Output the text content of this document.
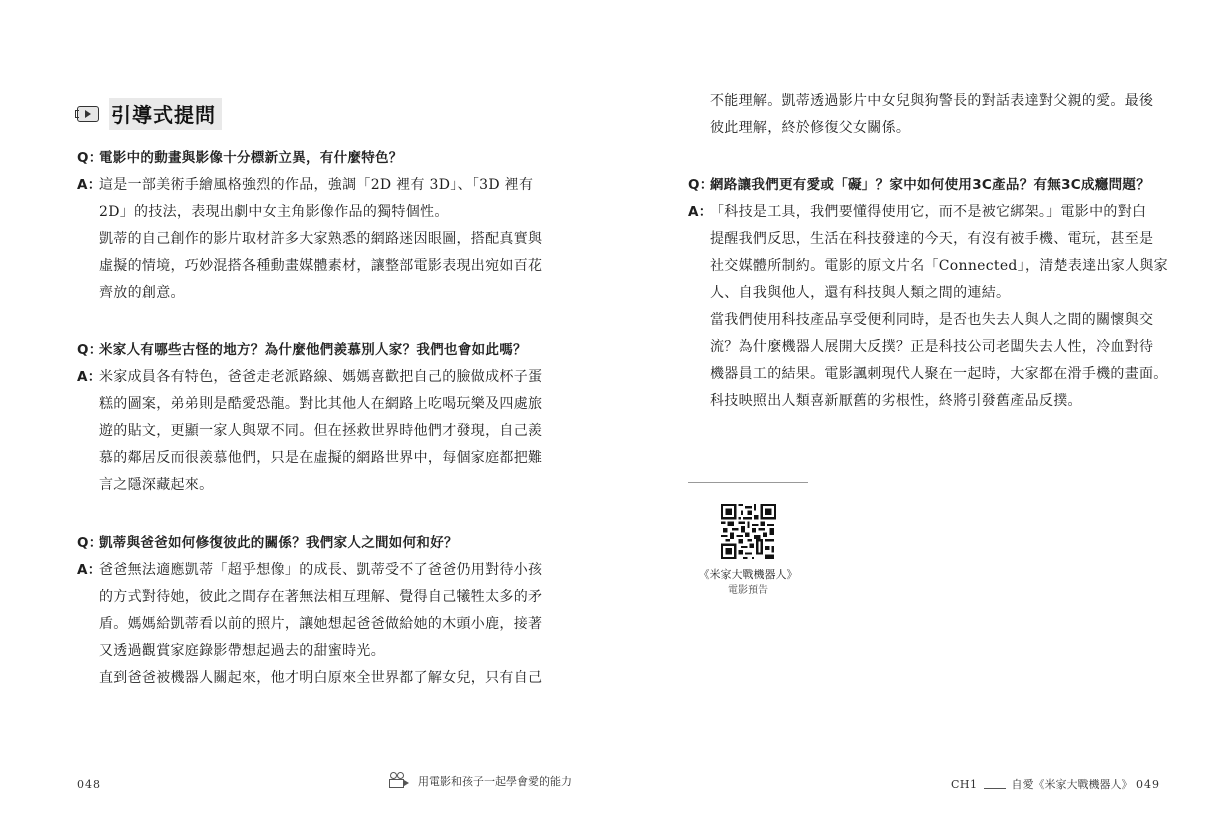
引導式提問
Q：
電影中的動畫與影像十分標新立異，有什麼特色？
A：
這是一部美術手繪風格強烈的作品，強調「2D 裡有 3D」、「3D 裡有
2D」的技法，表現出劇中女主角影像作品的獨特個性。
凱蒂的自己創作的影片取材許多大家熟悉的網路迷因眼圖，搭配真實與
虛擬的情境，巧妙混搭各種動畫媒體素材，讓整部電影表現出宛如百花
齊放的創意。
Q：
米家人有哪些古怪的地方？為什麼他們羨慕別人家？我們也會如此嗎？
A：
米家成員各有特色，爸爸走老派路線、媽媽喜歡把自己的臉做成杯子蛋
糕的圖案，弟弟則是酷愛恐龍。對比其他人在網路上吃喝玩樂及四處旅
遊的貼文，更顯一家人與眾不同。但在拯救世界時他們才發現，自己羨
慕的鄰居反而很羨慕他們，只是在虛擬的網路世界中，每個家庭都把難
言之隱深藏起來。
Q：
凱蒂與爸爸如何修復彼此的關係？我們家人之間如何和好？
A：
爸爸無法適應凱蒂「超乎想像」的成長、凱蒂受不了爸爸仍用對待小孩
的方式對待她，彼此之間存在著無法相互理解、覺得自己犧牲太多的矛
盾。媽媽給凱蒂看以前的照片，讓她想起爸爸做給她的木頭小鹿，接著
又透過觀賞家庭錄影帶想起過去的甜蜜時光。
直到爸爸被機器人關起來，他才明白原來全世界都了解女兒，只有自己
048	用電影和孩子一起學會愛的能力
不能理解。凱蒂透過影片中女兒與狗警長的對話表達對父親的愛。最後
彼此理解，終於修復父女關係。
Q：
網路讓我們更有愛或「礙」？家中如何使用3C產品？有無3C成癮問題？
A：
「科技是工具，我們要懂得使用它，而不是被它綁架。」電影中的對白
提醒我們反思，生活在科技發達的今天，有沒有被手機、電玩，甚至是
社交媒體所制約。電影的原文片名「Connected」，清楚表達出家人與家
人、自我與他人，還有科技與人類之間的連結。
當我們使用科技產品享受便利同時，是否也失去人與人之間的關懷與交
流？為什麼機器人展開大反撲？正是科技公司老闆失去人性，冷血對待
機器員工的結果。電影諷刺現代人聚在一起時，大家都在滑手機的畫面。
科技映照出人類喜新厭舊的劣根性，終將引發舊產品反撲。
《米家大戰機器人》
電影預告
CH1	自愛《米家大戰機器人》 049
